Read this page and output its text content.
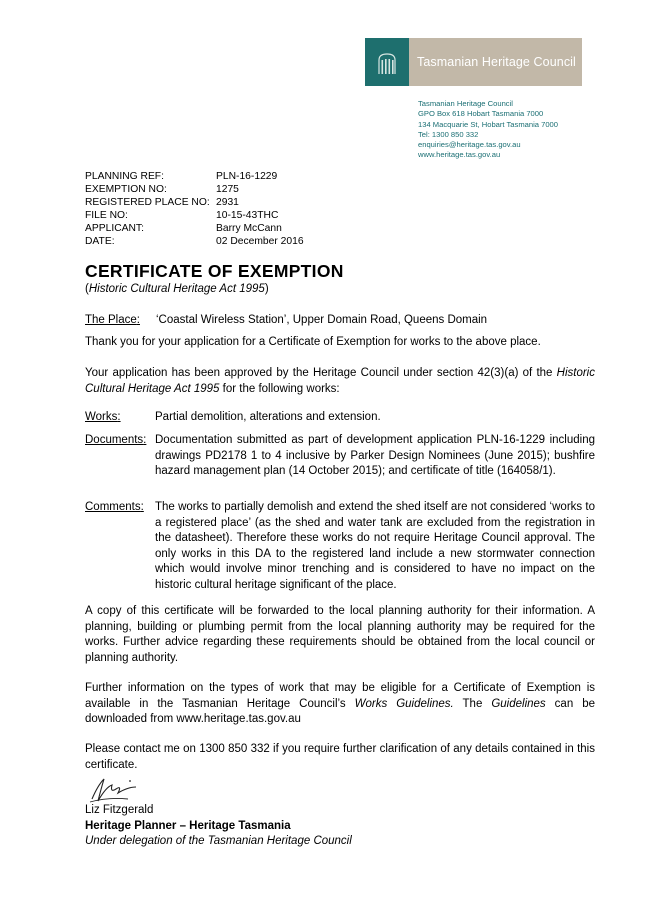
Tasmanian Heritage Council
Tasmanian Heritage Council
GPO Box 618 Hobart Tasmania 7000
134 Macquarie St, Hobart Tasmania 7000
Tel: 1300 850 332
enquiries@heritage.tas.gov.au
www.heritage.tas.gov.au
PLANNING REF:	PLN-16-1229
EXEMPTION NO:	1275
REGISTERED PLACE NO: 2931
FILE NO:	10-15-43THC
APPLICANT:	Barry McCann
DATE:	02 December 2016
CERTIFICATE OF EXEMPTION
(Historic Cultural Heritage Act 1995)
The Place: ‘Coastal Wireless Station’, Upper Domain Road, Queens Domain

Thank you for your application for a Certificate of Exemption for works to the above place.

Your application has been approved by the Heritage Council under section 42(3)(a) of the Historic Cultural Heritage Act 1995 for the following works:

Works:	Partial demolition, alterations and extension.
Documents: Documentation submitted as part of development application PLN-16-1229 including drawings PD2178 1 to 4 inclusive by Parker Design Nominees (June 2015); bushfire hazard management plan (14 October 2015); and certificate of title (164058/1).
Comments: The works to partially demolish and extend the shed itself are not considered ‘works to a registered place’ (as the shed and water tank are excluded from the registration in the datasheet). Therefore these works do not require Heritage Council approval. The only works in this DA to the registered land include a new stormwater connection which would involve minor trenching and is considered to have no impact on the historic cultural heritage significant of the place.

A copy of this certificate will be forwarded to the local planning authority for their information. A planning, building or plumbing permit from the local planning authority may be required for the works. Further advice regarding these requirements should be obtained from the local council or planning authority.

Further information on the types of work that may be eligible for a Certificate of Exemption is available in the Tasmanian Heritage Council’s Works Guidelines. The Guidelines can be downloaded from www.heritage.tas.gov.au

Please contact me on 1300 850 332 if you require further clarification of any details contained in this certificate.

Liz Fitzgerald
Heritage Planner – Heritage Tasmania
Under delegation of the Tasmanian Heritage Council
